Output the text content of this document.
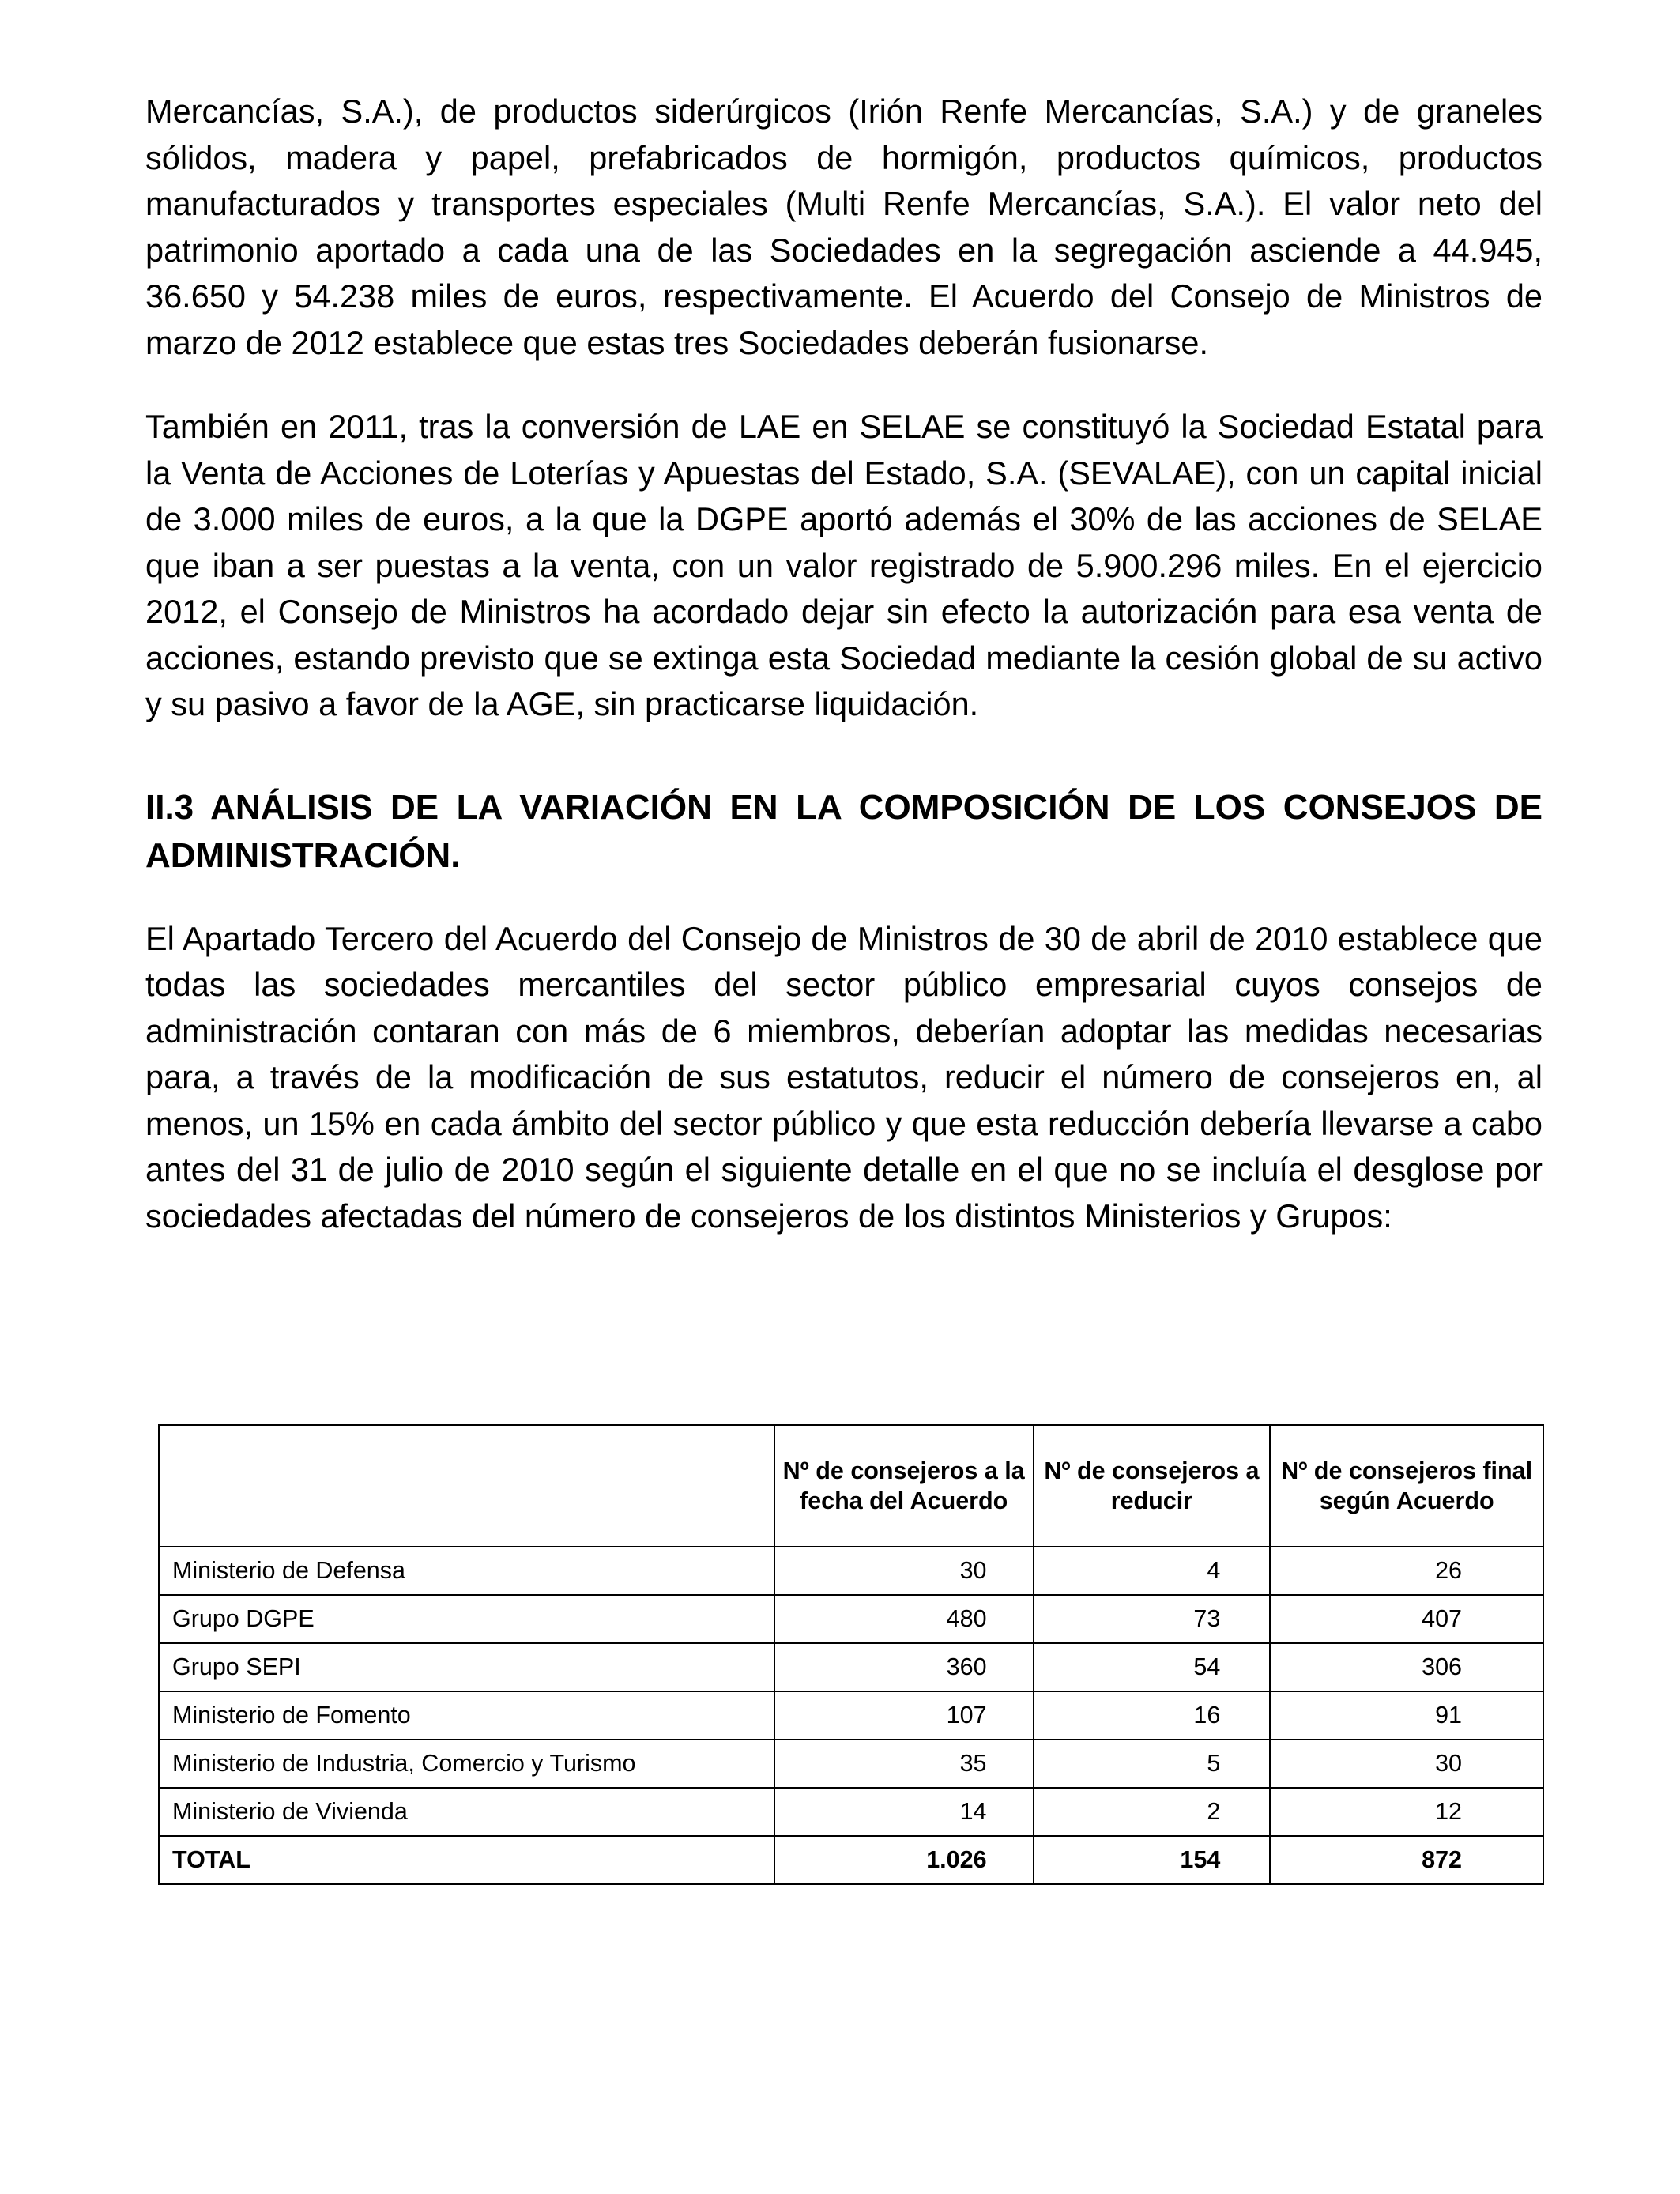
Mercancías, S.A.), de productos siderúrgicos (Irión Renfe Mercancías, S.A.) y de graneles sólidos, madera y papel, prefabricados de hormigón, productos químicos, productos manufacturados y transportes especiales (Multi Renfe Mercancías, S.A.). El valor neto del patrimonio aportado a cada una de las Sociedades en la segregación asciende a 44.945, 36.650 y 54.238 miles de euros, respectivamente. El Acuerdo del Consejo de Ministros de marzo de 2012 establece que estas tres Sociedades deberán fusionarse.

También en 2011, tras la conversión de LAE en SELAE se constituyó la Sociedad Estatal para la Venta de Acciones de Loterías y Apuestas del Estado, S.A. (SEVALAE), con un capital inicial de 3.000 miles de euros, a la que la DGPE aportó además el 30% de las acciones de SELAE que iban a ser puestas a la venta, con un valor registrado de 5.900.296 miles. En el ejercicio 2012, el Consejo de Ministros ha acordado dejar sin efecto la autorización para esa venta de acciones, estando previsto que se extinga esta Sociedad mediante la cesión global de su activo y su pasivo a favor de la AGE, sin practicarse liquidación.

II.3 ANÁLISIS DE LA VARIACIÓN EN LA COMPOSICIÓN DE LOS CONSEJOS DE ADMINISTRACIÓN.

El Apartado Tercero del Acuerdo del Consejo de Ministros de 30 de abril de 2010 establece que todas las sociedades mercantiles del sector público empresarial cuyos consejos de administración contaran con más de 6 miembros, deberían adoptar las medidas necesarias para, a través de la modificación de sus estatutos, reducir el número de consejeros en, al menos, un 15% en cada ámbito del sector público y que esta reducción debería llevarse a cabo antes del 31 de julio de 2010 según el siguiente detalle en el que no se incluía el desglose por sociedades afectadas del número de consejeros de los distintos Ministerios y Grupos:

	Nº de consejeros a la fecha del Acuerdo	Nº de consejeros a reducir	Nº de consejeros final según Acuerdo
Ministerio de Defensa	30	4	26
Grupo DGPE	480	73	407
Grupo SEPI	360	54	306
Ministerio de Fomento	107	16	91
Ministerio de Industria, Comercio y Turismo	35	5	30
Ministerio de Vivienda	14	2	12
TOTAL	1.026	154	872
